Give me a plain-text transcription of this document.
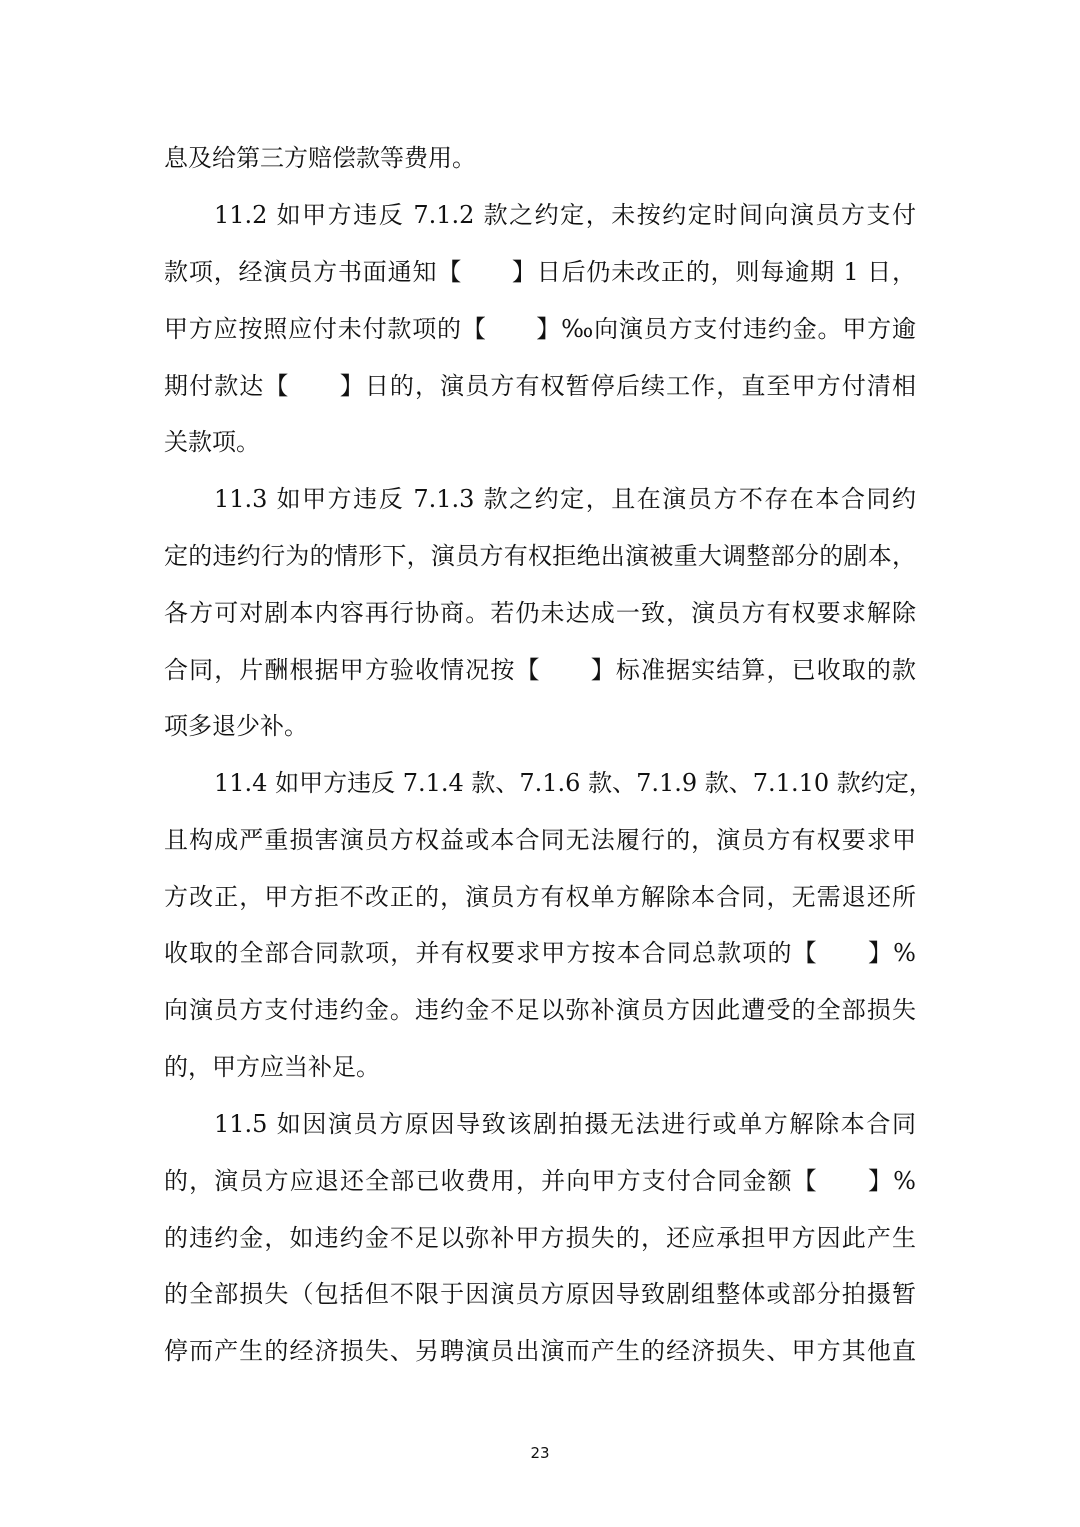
息及给第三方赔偿款等费用。
11.2 如甲方违反 7.1.2 款之约定，未按约定时间向演员方支付
款项，经演员方书面通知【　　】日后仍未改正的，则每逾期 1 日，
甲方应按照应付未付款项的【　　】‰向演员方支付违约金。甲方逾
期付款达【　　】日的，演员方有权暂停后续工作，直至甲方付清相
关款项。
11.3 如甲方违反 7.1.3 款之约定，且在演员方不存在本合同约
定的违约行为的情形下，演员方有权拒绝出演被重大调整部分的剧本，
各方可对剧本内容再行协商。若仍未达成一致，演员方有权要求解除
合同，片酬根据甲方验收情况按【　　】标准据实结算，已收取的款
项多退少补。
11.4 如甲方违反 7.1.4 款、7.1.6 款、7.1.9 款、7.1.10 款约定，
且构成严重损害演员方权益或本合同无法履行的，演员方有权要求甲
方改正，甲方拒不改正的，演员方有权单方解除本合同，无需退还所
收取的全部合同款项，并有权要求甲方按本合同总款项的【　　】%
向演员方支付违约金。违约金不足以弥补演员方因此遭受的全部损失
的，甲方应当补足。
11.5 如因演员方原因导致该剧拍摄无法进行或单方解除本合同
的，演员方应退还全部已收费用，并向甲方支付合同金额【　　】%
的违约金，如违约金不足以弥补甲方损失的，还应承担甲方因此产生
的全部损失（包括但不限于因演员方原因导致剧组整体或部分拍摄暂
停而产生的经济损失、另聘演员出演而产生的经济损失、甲方其他直
23
